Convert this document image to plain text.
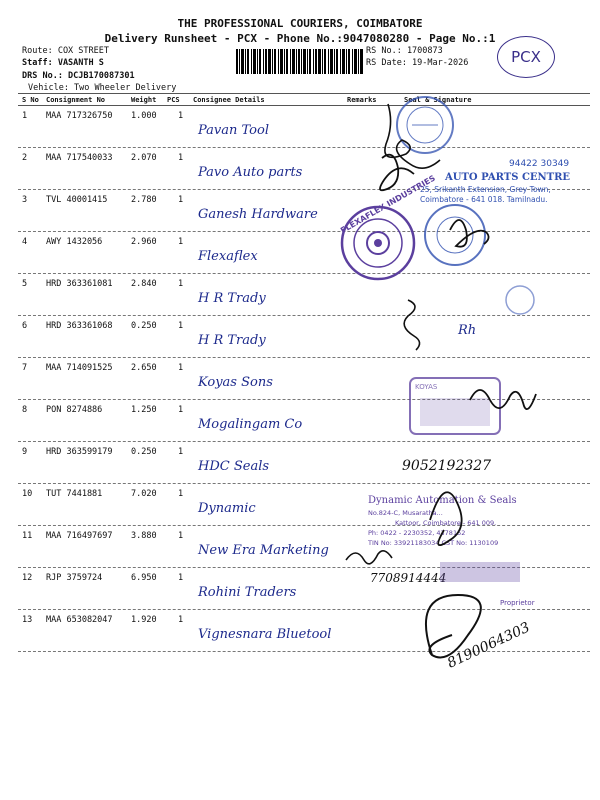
THE PROFESSIONAL COURIERS, COIMBATORE
Delivery Runsheet - PCX - Phone No.:9047080280 - Page No.:1
Route: COX STREET
Staff: VASANTH S
DRS No.: DCJB170087301
Vehicle: Two Wheeler Delivery
RS No.: 1700873
RS Date: 19-Mar-2026	PCX
S No Consignment No	Weight PCS Consignee Details	Remarks	Seal & Signature
1 MAA 717326750 1.000	1
Pavan Tool
2 MAA 717540033 2.070	1
Pavo Auto parts
3 TVL 40001415	2.780	1
Ganesh Hardware
4 AWY 1432056	2.960	1
Flexaflex
5 HRD 363361081 2.840	1
H R Trady
6 HRD 363361068 0.250	1
H R Trady
7 MAA 714091525 2.650	1
Koyas Sons
8 PON 8274886	1.250	1
Mogalingam Co
9 HRD 363599179 0.250	1
HDC Seals
10 TUT 7441881	7.020	1
Dynamic
11 MAA 716497697 3.880	1
New Era Marketing
12 RJP 3759724	6.950	1
Rohini Traders
13 MAA 653082047 1.920	1
Vignesnara Bluetool
94422 30349
AUTO PARTS CENTRE
25, Srikanth Extension, Grey Town,
Coimbatore - 641 018. Tamilnadu.
FLEXAFLEX INDUSTRIES
Rh
KOYAS
9052192327
Dynamic Automation & Seals
No.824-C, Musaratha...
Kattoor, Coimbatore - 641 009.
Ph: 0422 - 2230352, 4378152
TIN No: 33921183034 CST No: 1130109
7708914444
Proprietor
8190064303
